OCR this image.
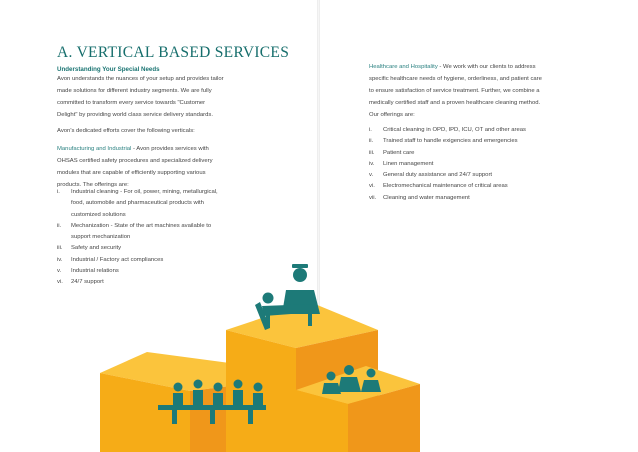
A. VERTICAL BASED SERVICES
Understanding Your Special Needs
Avon understands the nuances of your setup and provides tailor
made solutions for different industry segments. We are fully
committed to transform every service towards "Customer
Delight" by providing world class service delivery standards.
Avon's dedicated efforts cover the following verticals:
Manufacturing and Industrial - Avon provides services with
OHSAS certified safety procedures and specialized delivery
modules that are capable of efficiently supporting various
products. The offerings are:
i. Industrial cleaning - For oil, power, mining, metallurgical,
food, automobile and pharmaceutical products with
customized solutions
ii. Mechanization - State of the art machines available to
support mechanization
iii. Safety and security
iv. Industrial / Factory act compliances
v. Industrial relations
vi. 24/7 support
Healthcare and Hospitality - We work with our clients to address
specific healthcare needs of hygiene, orderliness, and patient care
to ensure satisfaction of service treatment. Further, we combine a
medically certified staff and a proven healthcare cleaning method.
Our offerings are:
i. Critical cleaning in OPD, IPD, ICU, OT and other areas
ii. Trained staff to handle exigencies and emergencies
iii. Patient care
iv. Linen management
v. General duty assistance and 24/7 support
vi. Electromechanical maintenance of critical areas
vii. Cleaning and water management
